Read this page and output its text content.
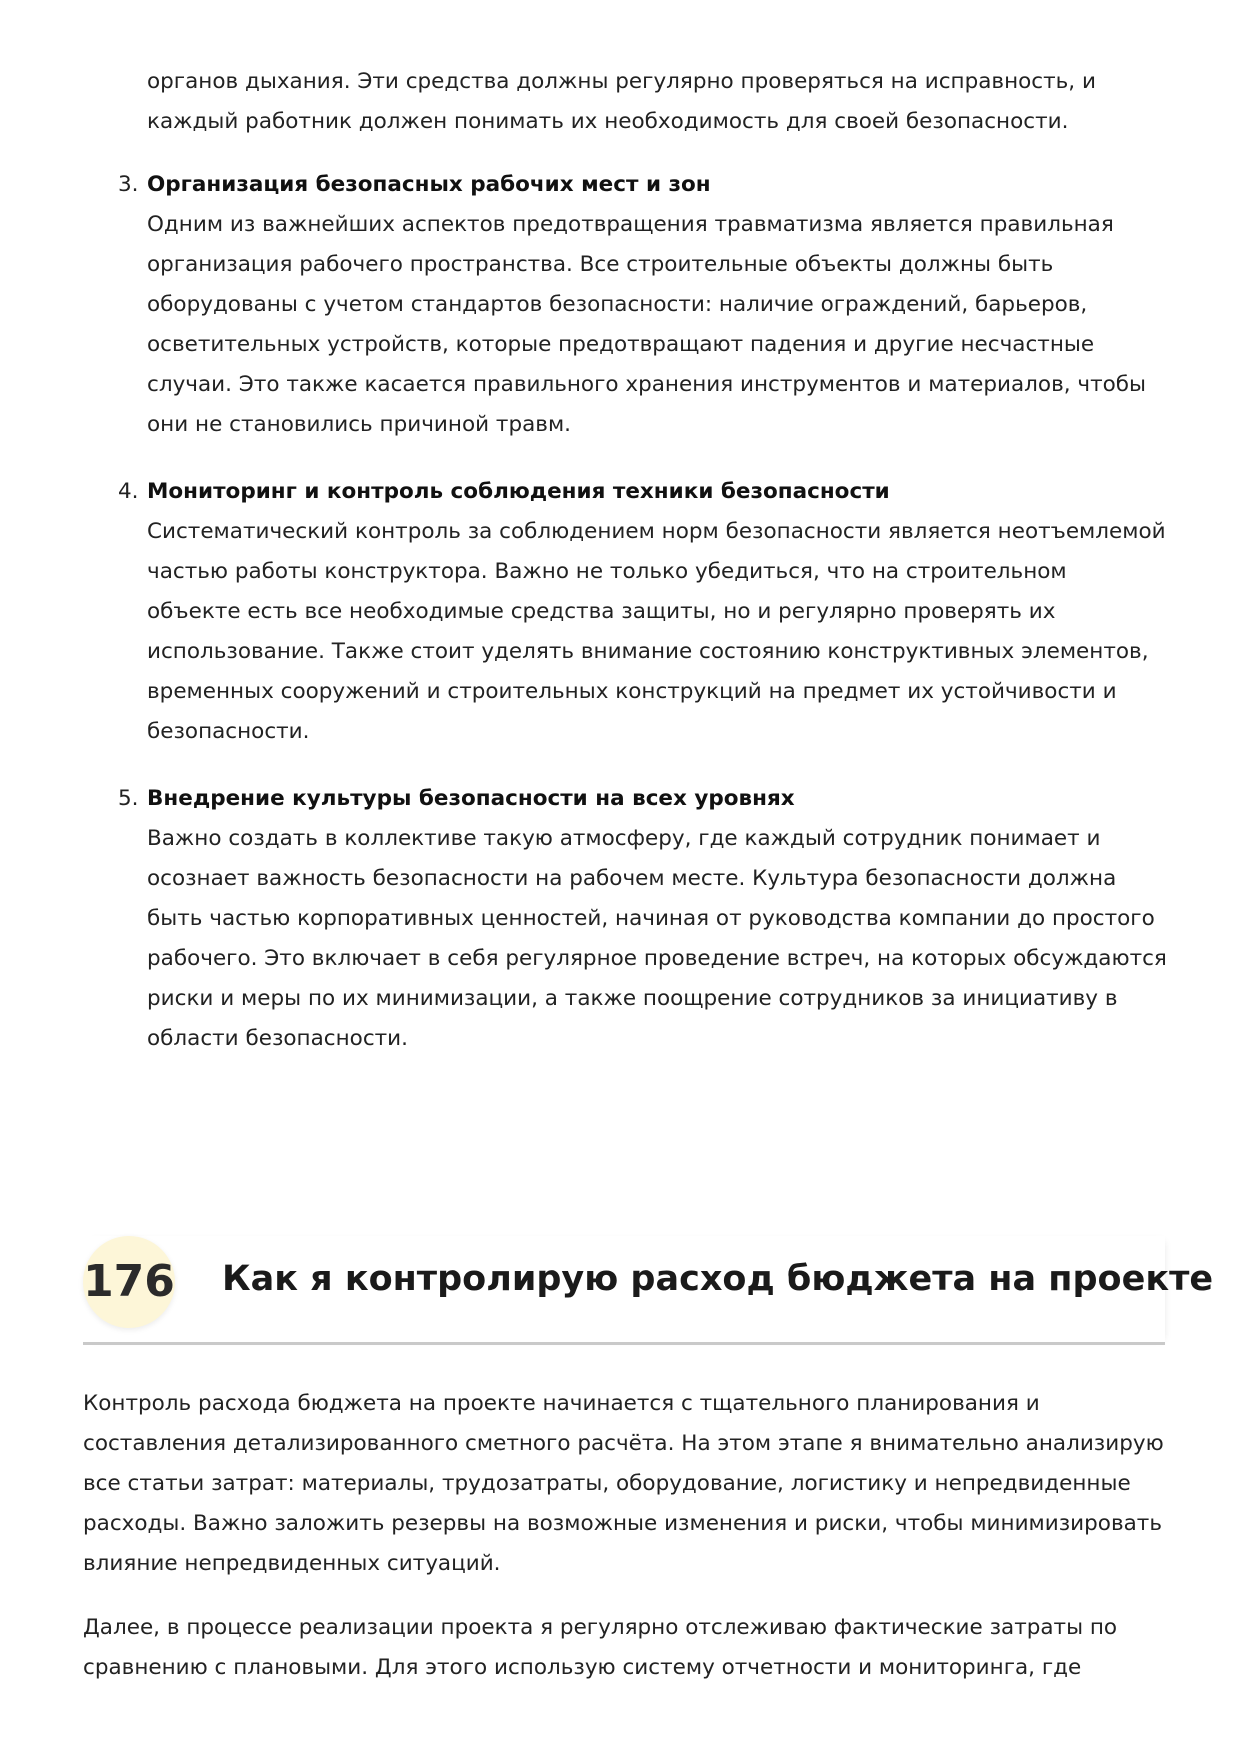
органов дыхания. Эти средства должны регулярно проверяться на исправность, и каждый работник должен понимать их необходимость для своей безопасности.

3. Организация безопасных рабочих мест и зон

Одним из важнейших аспектов предотвращения травматизма является правильная организация рабочего пространства. Все строительные объекты должны быть оборудованы с учетом стандартов безопасности: наличие ограждений, барьеров, осветительных устройств, которые предотвращают падения и другие несчастные случаи. Это также касается правильного хранения инструментов и материалов, чтобы они не становились причиной травм.

4. Мониторинг и контроль соблюдения техники безопасности

Систематический контроль за соблюдением норм безопасности является неотъемлемой частью работы конструктора. Важно не только убедиться, что на строительном объекте есть все необходимые средства защиты, но и регулярно проверять их использование. Также стоит уделять внимание состоянию конструктивных элементов, временных сооружений и строительных конструкций на предмет их устойчивости и безопасности.

5. Внедрение культуры безопасности на всех уровнях

Важно создать в коллективе такую атмосферу, где каждый сотрудник понимает и осознает важность безопасности на рабочем месте. Культура безопасности должна быть частью корпоративных ценностей, начиная от руководства компании до простого рабочего. Это включает в себя регулярное проведение встреч, на которых обсуждаются риски и меры по их минимизации, а также поощрение сотрудников за инициативу в области безопасности.

176 Как я контролирую расход бюджета на проекте

Контроль расхода бюджета на проекте начинается с тщательного планирования и составления детализированного сметного расчёта. На этом этапе я внимательно анализирую все статьи затрат: материалы, трудозатраты, оборудование, логистику и непредвиденные расходы. Важно заложить резервы на возможные изменения и риски, чтобы минимизировать влияние непредвиденных ситуаций.

Далее, в процессе реализации проекта я регулярно отслеживаю фактические затраты по сравнению с плановыми. Для этого использую систему отчетности и мониторинга, где
